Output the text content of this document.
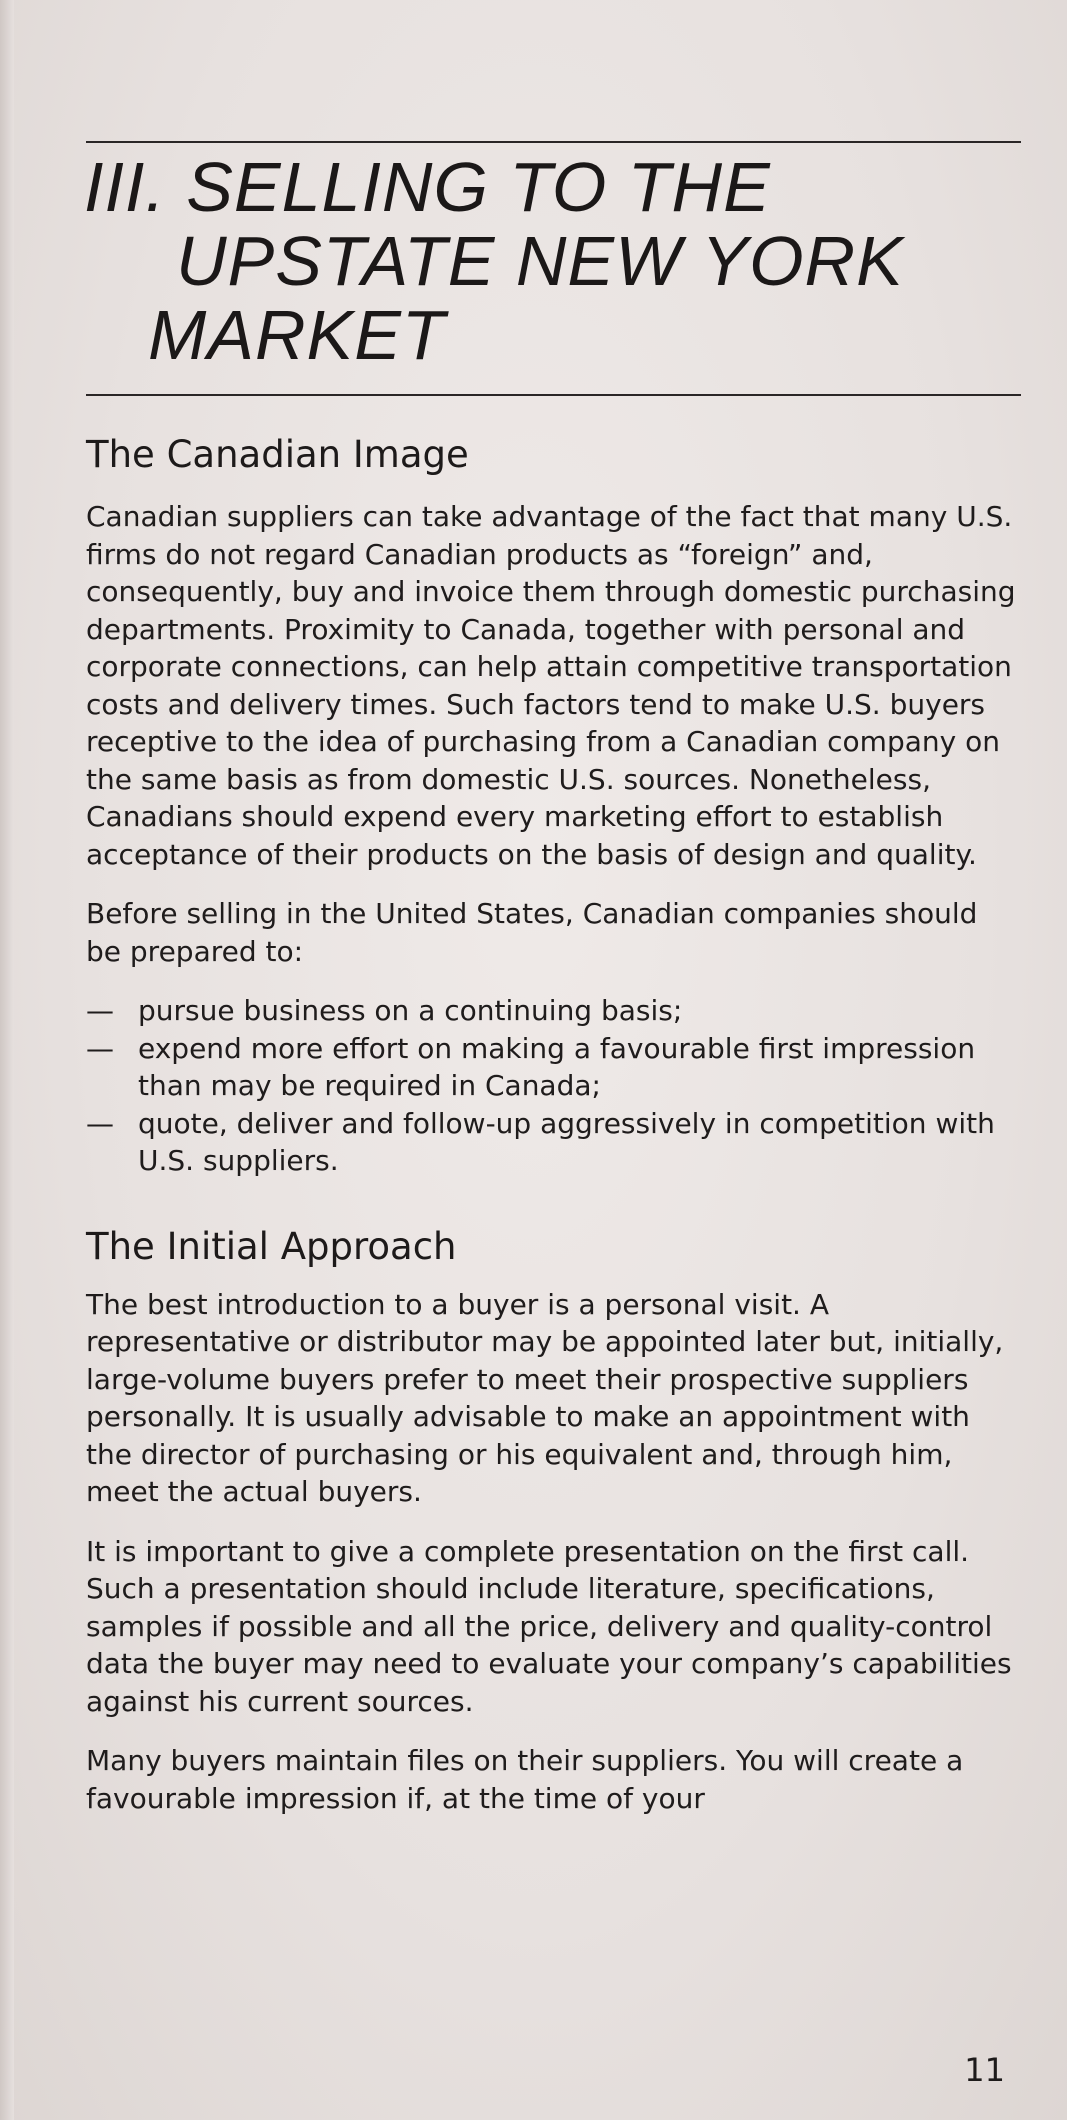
III. SELLING TO THE
UPSTATE NEW YORK
MARKET
The Canadian Image

Canadian suppliers can take advantage of the fact that many U.S. firms do not regard Canadian products as “foreign” and, consequently, buy and invoice them through domestic purchasing departments. Proximity to Canada, together with personal and corporate connections, can help attain competitive transportation costs and delivery times. Such factors tend to make U.S. buyers receptive to the idea of purchasing from a Canadian company on the same basis as from domestic U.S. sources. Nonetheless, Canadians should expend every marketing effort to establish acceptance of their products on the basis of design and quality.

Before selling in the United States, Canadian companies should be prepared to:

— pursue business on a continuing basis;
— expend more effort on making a favourable first impression than may be required in Canada;
— quote, deliver and follow-up aggressively in competition with U.S. suppliers.
The Initial Approach

The best introduction to a buyer is a personal visit. A representative or distributor may be appointed later but, initially, large-volume buyers prefer to meet their prospective suppliers personally. It is usually advisable to make an appointment with the director of purchasing or his equivalent and, through him, meet the actual buyers.

It is important to give a complete presentation on the first call. Such a presentation should include literature, specifications, samples if possible and all the price, delivery and quality-control data the buyer may need to evaluate your company’s capabilities against his current sources.

Many buyers maintain files on their suppliers. You will create a favourable impression if, at the time of your

11
